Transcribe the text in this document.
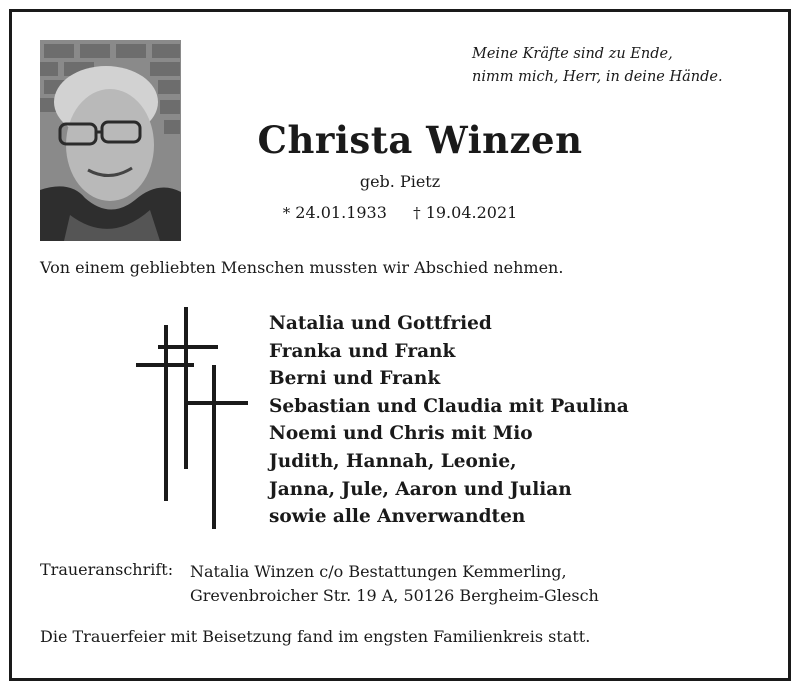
Meine Kräfte sind zu Ende,
nimm mich, Herr, in deine Hände.
Christa Winzen
geb. Pietz
* 24.01.1933 † 19.04.2021
Von einem gebliebten Menschen mussten wir Abschied nehmen.
Natalia und Gottfried
Franka und Frank
Berni und Frank
Sebastian und Claudia mit Paulina
Noemi und Chris mit Mio
Judith, Hannah, Leonie,
Janna, Jule, Aaron und Julian
sowie alle Anverwandten
Traueranschrift: Natalia Winzen c/o Bestattungen Kemmerling,
Grevenbroicher Str. 19 A, 50126 Bergheim-Glesch
Die Trauerfeier mit Beisetzung fand im engsten Familienkreis statt.
